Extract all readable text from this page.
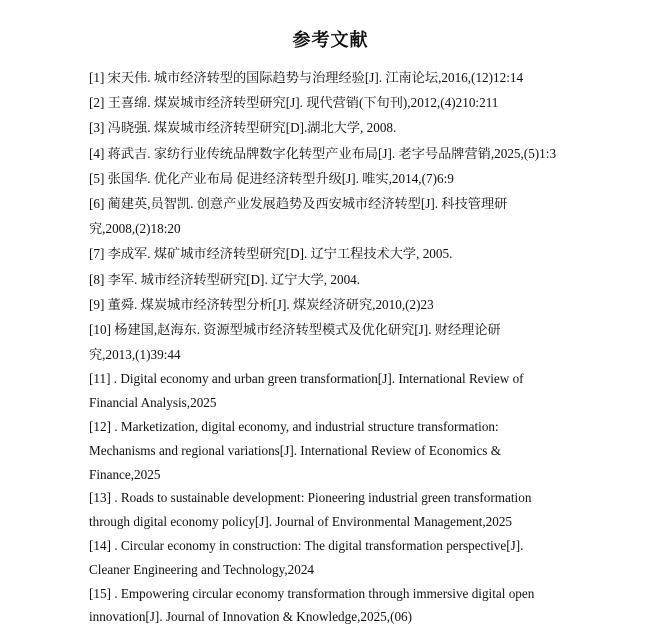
参考文献
[1] 宋天伟. 城市经济转型的国际趋势与治理经验[J]. 江南论坛,2016,(12)12:14
[2] 王喜绵. 煤炭城市经济转型研究[J]. 现代营销(下旬刊),2012,(4)210:211
[3] 冯晓强. 煤炭城市经济转型研究[D].湖北大学, 2008.
[4] 蒋武吉. 家纺行业传统品牌数字化转型产业布局[J]. 老字号品牌营销,2025,(5)1:3
[5] 张国华. 优化产业布局 促进经济转型升级[J]. 唯实,2014,(7)6:9
[6] 蔺建英,员智凯. 创意产业发展趋势及西安城市经济转型[J]. 科技管理研
究,2008,(2)18:20
[7] 李成军. 煤矿城市经济转型研究[D]. 辽宁工程技术大学, 2005.
[8] 李军. 城市经济转型研究[D]. 辽宁大学, 2004.
[9] 董舜. 煤炭城市经济转型分析[J]. 煤炭经济研究,2010,(2)23
[10] 杨建国,赵海东. 资源型城市经济转型模式及优化研究[J]. 财经理论研
究,2013,(1)39:44
[11] . Digital economy and urban green transformation[J]. International Review of
Financial Analysis,2025
[12] . Marketization, digital economy, and industrial structure transformation:
Mechanisms and regional variations[J]. International Review of Economics &
Finance,2025
[13] . Roads to sustainable development: Pioneering industrial green transformation
through digital economy policy[J]. Journal of Environmental Management,2025
[14] . Circular economy in construction: The digital transformation perspective[J].
Cleaner Engineering and Technology,2024
[15] . Empowering circular economy transformation through immersive digital open
innovation[J]. Journal of Innovation & Knowledge,2025,(06)
